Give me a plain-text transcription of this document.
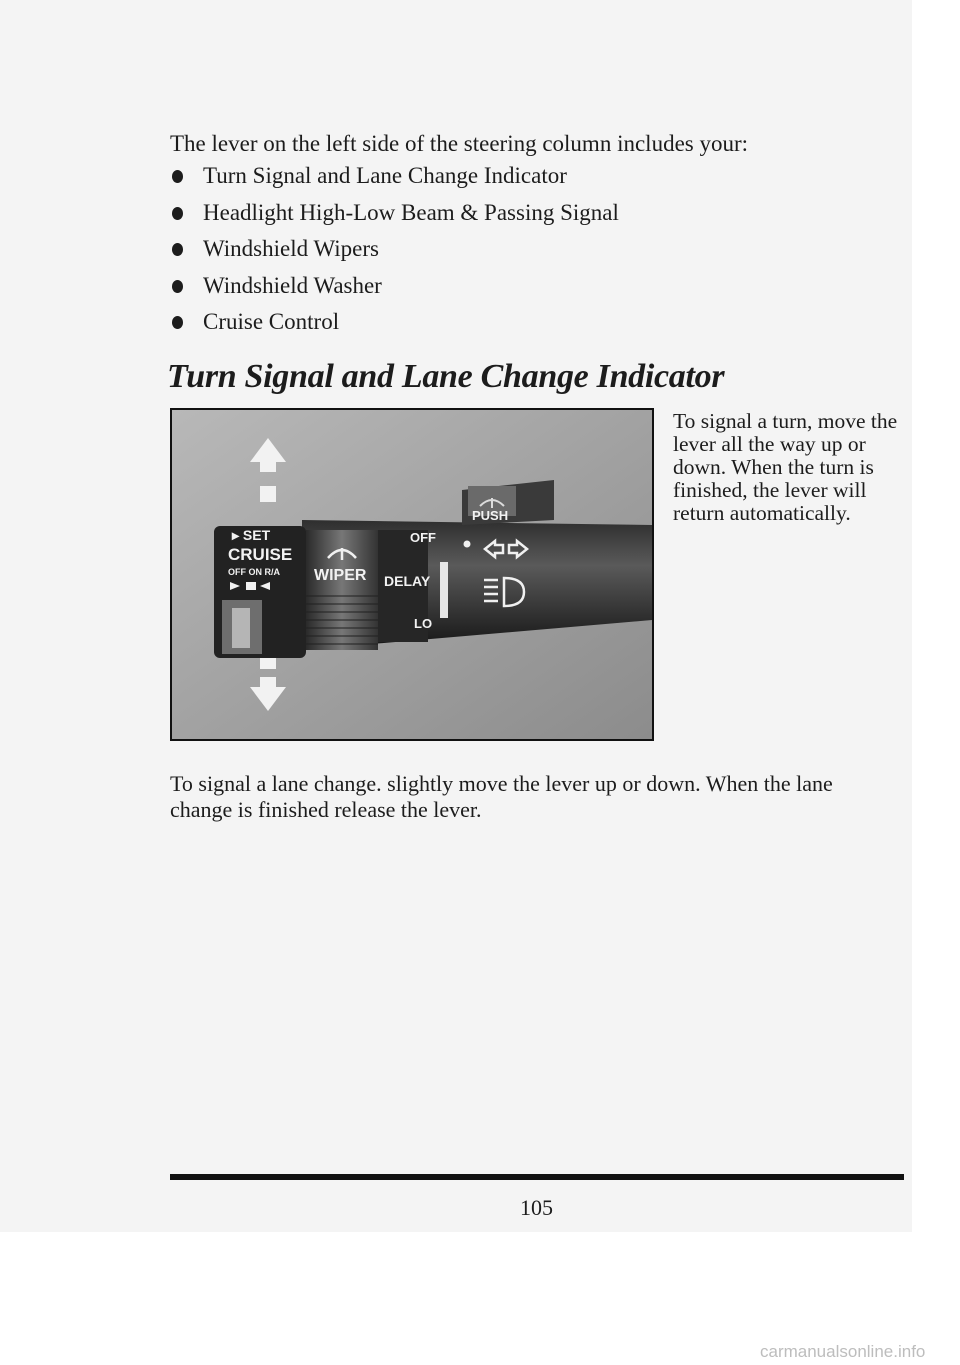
The lever on the left side of the steering column includes your:

Turn Signal and Lane Change Indicator
Headlight High-Low Beam & Passing Signal
Windshield Wipers
Windshield Washer
Cruise Control
Turn Signal and Lane Change Indicator
▸ SET
CRUISE
OFF ON R/A WIPER
OFF
PUSH
DELAY
LO

To signal a turn, move the lever all the way up or down. When the turn is finished, the lever will return automatically.

To signal a lane change. slightly move the lever up or down. When the lane change is finished release the lever.

105

carmanualsonline.info
